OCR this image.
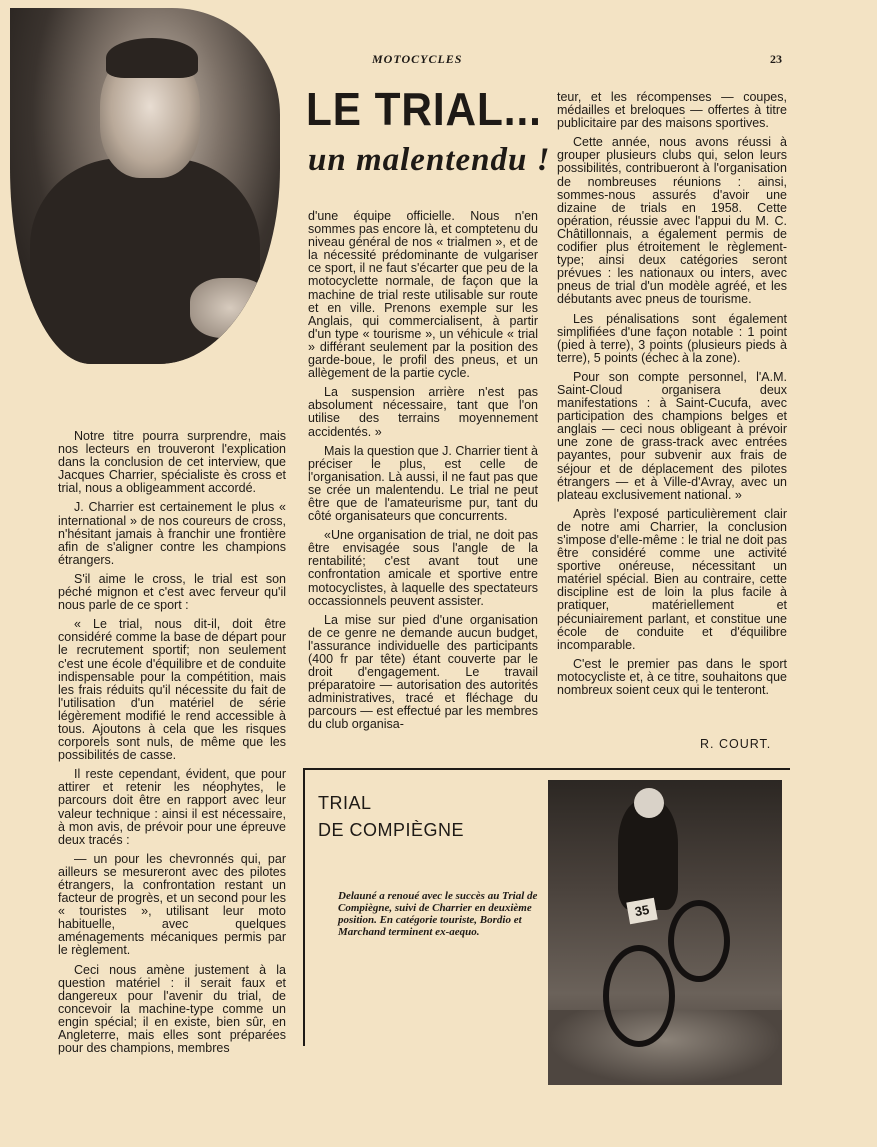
MOTOCYCLES	23
LE TRIAL...
un malentendu !

Notre titre pourra surprendre, mais nos lecteurs en trouveront l'explication dans la conclusion de cet interview, que Jacques Charrier, spécialiste ès cross et trial, nous a obligeamment accordé.

J. Charrier est certainement le plus « international » de nos coureurs de cross, n'hésitant jamais à franchir une frontière afin de s'aligner contre les champions étrangers.

S'il aime le cross, le trial est son péché mignon et c'est avec ferveur qu'il nous parle de ce sport :

« Le trial, nous dit-il, doit être considéré comme la base de départ pour le recrutement sportif; non seulement c'est une école d'équilibre et de conduite indispensable pour la compétition, mais les frais réduits qu'il nécessite du fait de l'utilisation d'un matériel de série légèrement modifié le rend accessible à tous. Ajoutons à cela que les risques corporels sont nuls, de même que les possibilités de casse.

Il reste cependant, évident, que pour attirer et retenir les néophytes, le parcours doit être en rapport avec leur valeur technique : ainsi il est nécessaire, à mon avis, de prévoir pour une épreuve deux tracés :

— un pour les chevronnés qui, par ailleurs se mesureront avec des pilotes étrangers, la confrontation restant un facteur de progrès, et un second pour les « touristes », utilisant leur moto habituelle, avec quelques aménagements mécaniques permis par le règlement.

Ceci nous amène justement à la question matériel : il serait faux et dangereux pour l'avenir du trial, de concevoir la machine-type comme un engin spécial; il en existe, bien sûr, en Angleterre, mais elles sont préparées pour des champions, membres

d'une équipe officielle. Nous n'en sommes pas encore là, et comptetenu du niveau général de nos « trialmen », et de la nécessité prédominante de vulgariser ce sport, il ne faut s'écarter que peu de la motocyclette normale, de façon que la machine de trial reste utilisable sur route et en ville. Prenons exemple sur les Anglais, qui commercialisent, à partir d'un type « tourisme », un véhicule « trial » différant seulement par la position des garde-boue, le profil des pneus, et un allègement de la partie cycle.

La suspension arrière n'est pas absolument nécessaire, tant que l'on utilise des terrains moyennement accidentés. »

Mais la question que J. Charrier tient à préciser le plus, est celle de l'organisation. Là aussi, il ne faut pas que se crée un malentendu. Le trial ne peut être que de l'amateurisme pur, tant du côté organisateurs que concurrents.

«Une organisation de trial, ne doit pas être envisagée sous l'angle de la rentabilité; c'est avant tout une confrontation amicale et sportive entre motocyclistes, à laquelle des spectateurs occassionnels peuvent assister.

La mise sur pied d'une organisation de ce genre ne demande aucun budget, l'assurance individuelle des participants (400 fr par tête) étant couverte par le droit d'engagement. Le travail préparatoire — autorisation des autorités administratives, tracé et fléchage du parcours — est effectué par les membres du club organisa-

teur, et les récompenses — coupes, médailles et breloques — offertes à titre publicitaire par des maisons sportives.

Cette année, nous avons réussi à grouper plusieurs clubs qui, selon leurs possibilités, contribueront à l'organisation de nombreuses réunions : ainsi, sommes-nous assurés d'avoir une dizaine de trials en 1958. Cette opération, réussie avec l'appui du M. C. Châtillonnais, a également permis de codifier plus étroitement le règlement-type; ainsi deux catégories seront prévues : les nationaux ou inters, avec pneus de trial d'un modèle agréé, et les débutants avec pneus de tourisme.

Les pénalisations sont également simplifiées d'une façon notable : 1 point (pied à terre), 3 points (plusieurs pieds à terre), 5 points (échec à la zone).

Pour son compte personnel, l'A.M. Saint-Cloud organisera deux manifestations : à Saint-Cucufa, avec participation des champions belges et anglais — ceci nous obligeant à prévoir une zone de grass-track avec entrées payantes, pour subvenir aux frais de séjour et de déplacement des pilotes étrangers — et à Ville-d'Avray, avec un plateau exclusivement national. »

Après l'exposé particulièrement clair de notre ami Charrier, la conclusion s'impose d'elle-même : le trial ne doit pas être considéré comme une activité sportive onéreuse, nécessitant un matériel spécial. Bien au contraire, cette discipline est de loin la plus facile à pratiquer, matériellement et pécuniairement parlant, et constitue une école de conduite et d'équilibre incomparable.

C'est le premier pas dans le sport motocycliste et, à ce titre, souhaitons que nombreux soient ceux qui le tenteront.

R. COURT.
TRIAL
DE COMPIÈGNE
Delauné a renoué avec le succès au Trial de Compiègne, suivi de Charrier en deuxième position. En catégorie touriste, Bordio et Marchand terminent ex-aequo.
35
